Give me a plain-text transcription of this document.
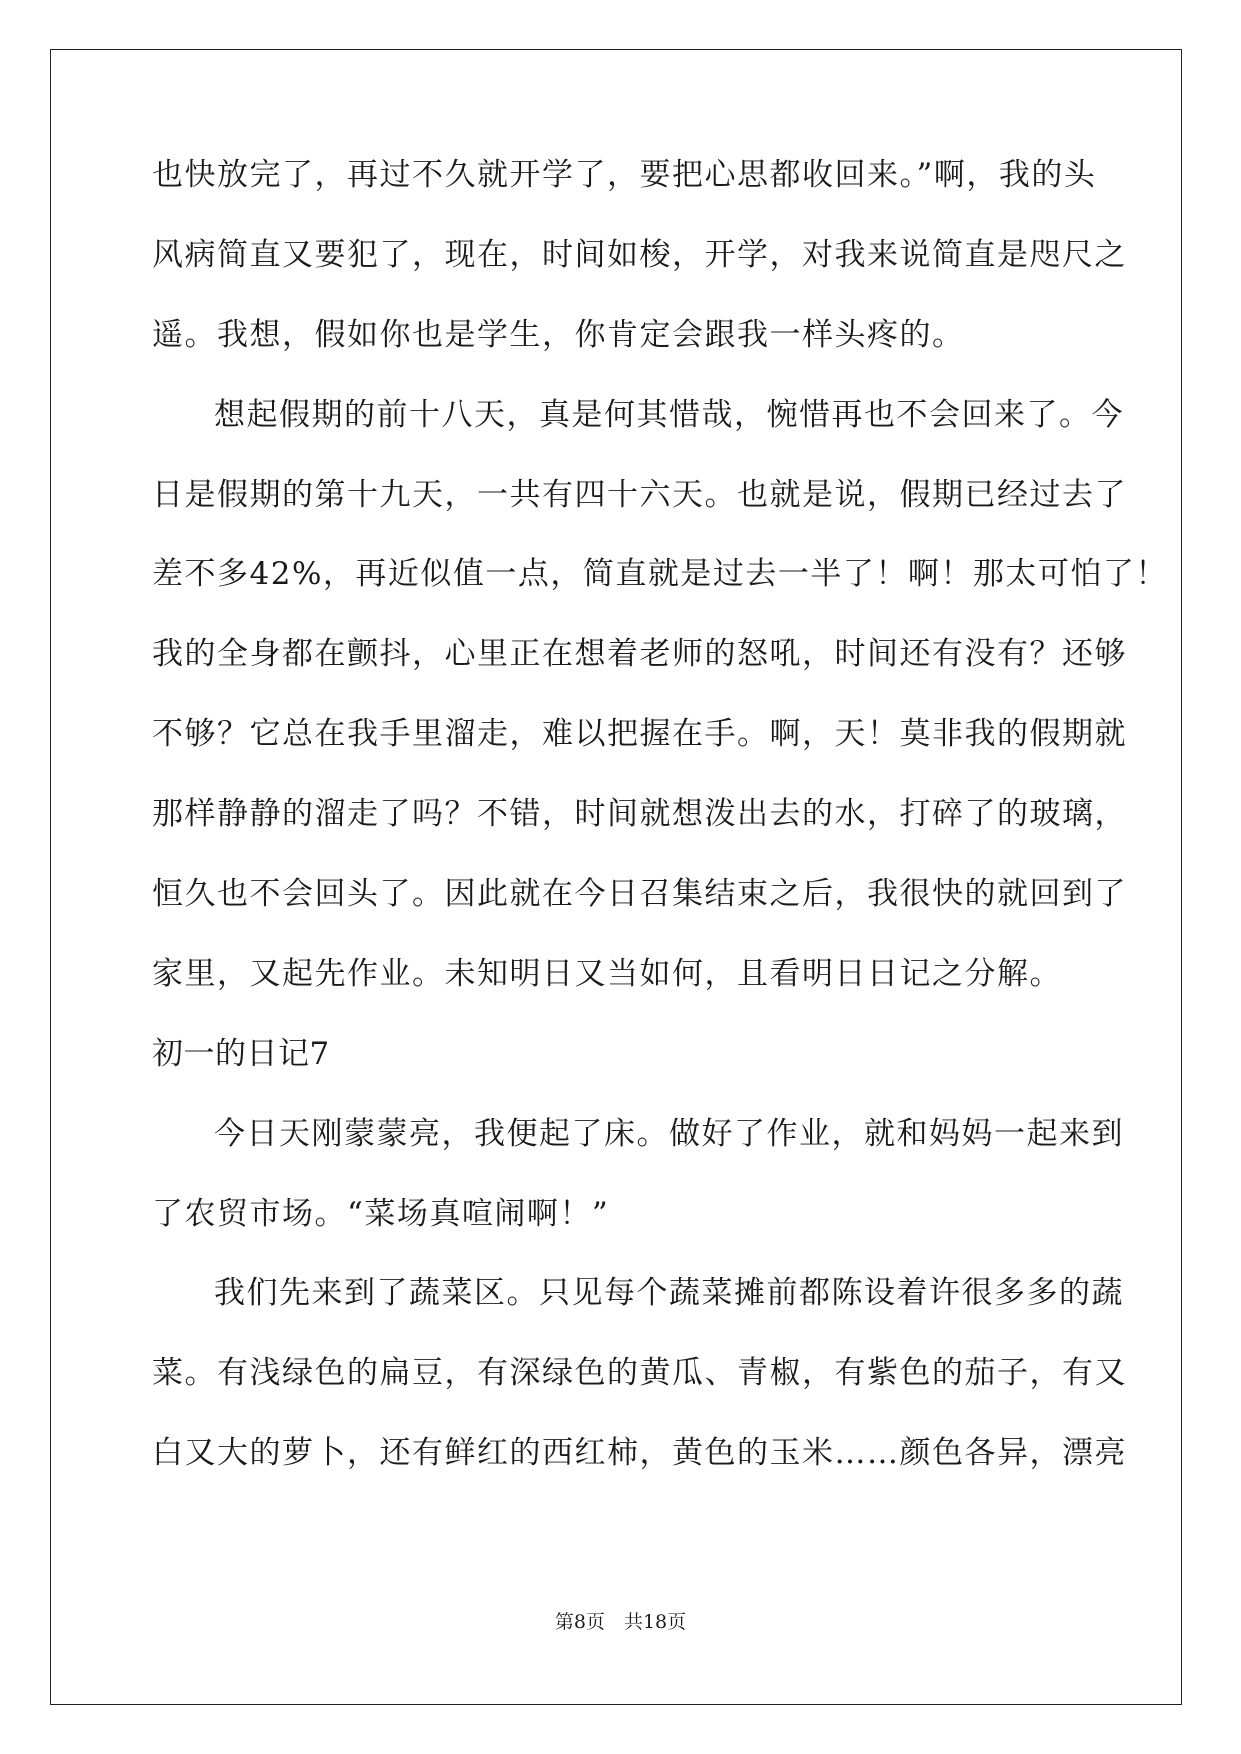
也快放完了，再过不久就开学了，要把心思都收回来。”啊，我的头
风病简直又要犯了，现在，时间如梭，开学，对我来说简直是咫尺之
遥。我想，假如你也是学生，你肯定会跟我一样头疼的。
想起假期的前十八天，真是何其惜哉，惋惜再也不会回来了。今
日是假期的第十九天，一共有四十六天。也就是说，假期已经过去了
差不多42%，再近似值一点，简直就是过去一半了！啊！那太可怕了！
我的全身都在颤抖，心里正在想着老师的怒吼，时间还有没有？还够
不够？它总在我手里溜走，难以把握在手。啊，天！莫非我的假期就
那样静静的溜走了吗？不错，时间就想泼出去的水，打碎了的玻璃，
恒久也不会回头了。因此就在今日召集结束之后，我很快的就回到了
家里，又起先作业。未知明日又当如何，且看明日日记之分解。
初一的日记7
今日天刚蒙蒙亮，我便起了床。做好了作业，就和妈妈一起来到
了农贸市场。“菜场真喧闹啊！”
我们先来到了蔬菜区。只见每个蔬菜摊前都陈设着许很多多的蔬
菜。有浅绿色的扁豆，有深绿色的黄瓜、青椒，有紫色的茄子，有又
白又大的萝卜，还有鲜红的西红柿，黄色的玉米……颜色各异，漂亮
第8页　共18页
